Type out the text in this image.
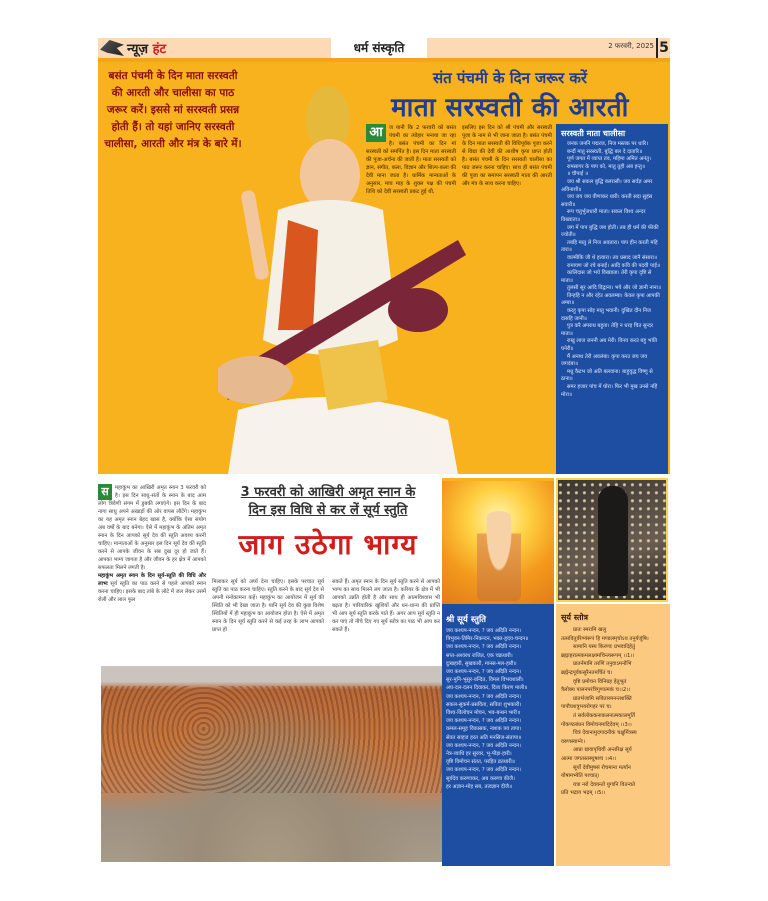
न्यूज़ हंट	धर्म संस्कृति	2 फरवरी, 2025 5
बसंत पंचमी के दिन माता सरस्वती की आरती और चालीसा का पाठ जरूर करें। इससे मां सरस्वती प्रसन्न होती हैं। तो यहां जानिए सरस्वती चालीसा, आरती और मंत्र के बारे में।
संत पंचमी के दिन जरूर करें
माता सरस्वती की आरती
आ	ज यानी कि 2 फरवरी को बसंत पंचमी का त्योहार मनाया जा रहा है। बसंत पंचमी का दिन मां सरस्वती को समर्पित है। इस दिन माता सरस्वती की पूजा-अर्चना की जाती है। माता सरस्वती को ज्ञान, संगीत, कला, विज्ञान और शिल्प-कला की देवी माना जाता है। धार्मिक मान्यताओं के अनुसार, माघ माह के शुक्ल पक्ष की पंचमी तिथि को देवी सरस्वती प्रकट हुई थी,
इसलिए इस दिन को श्री पंचमी और सरस्वती पूजा के नाम से भी जाना जाता है। बसंत पंचमी के दिन माता सरस्वती की विधिपूर्वक पूजा करने से विद्या की देवी की आशीष कृपा प्राप्त होती है। बसंत पंचमी के दिन सरस्वती चालीसा का पाठ जरूर करना चाहिए। साथ ही बसंत पंचमी की पूजा का समापन सरस्वती माता की आरती और मंत्र के साथ करना चाहिए।
सरस्वती माता चालीसा

जनक जननि पद्मरज, निज मस्तक पर धारि।

बन्दौं मातु सरस्वती, बुद्धि बल दे दातारि॥

पूर्ण जगत में व्याप्त तव, महिमा अमित अनंतु।

रामसागर के पाप को, मातु तुही अब हन्तु॥

॥ चौपाई ॥

जय श्री सकल बुद्धि बलरासी। जय सर्वज्ञ अमर अविनाशी॥

जय जय जय वीणाकर धारी। करती सदा सुहंस सवारी॥

रूप चतुर्भुजधारी माता। सकल विश्व अन्दर विख्याता॥

जग में पाप बुद्धि जब होती। तब ही धर्म की फीकी ज्योती॥

तबहि मातु ले निज अवतारा। पाप हीन करती महि तारा॥

वाल्मीकि जी थे हत्यारा। तव प्रसाद जानै संसारा॥

रामायण जो रचे बनाई। आदि कवि की पदवी पाई॥

कालिदास जो भये विख्याता। तेरी कृपा दृष्टि से माता॥

तुलसी सूर आदि विद्वाना। भये और जो ज्ञानी नाना॥

तिन्हहि न और रहेउ अवलम्बा। केवल कृपा आपकी अम्बा॥

करहु कृपा सोइ मातु भवानी। दुखित दीन निज दासहि जानी॥

पुत्र करै अपराध बहूता। तेहि न धरइ चित सुन्दर माता॥

राखु लाज जननी अब मेरी। विनय करउं बहु भांति घनेरी॥

मैं अनाथ तेरी अवलंबा। कृपा करउ जय जय जगदंबा॥

मधु कैटभ जो अति बलवाना। बाहुयुद्ध विष्णु से ठाना॥

समर हजार पांच में घोरा। फिर भी मुख उनसे नहिं मोरा॥

स	महाकुंभ का आखिरी अमृत स्नान 3 फरवरी को है। इस दिन साधु-संतों के स्नान के बाद आम लोग त्रिवेणी संगम में डुबकी लगाएंगे। इस दिन के बाद नागा साधु अपने अखाड़ों की ओर वापस लौटेंगे। महाकुंभ का यह अमृत स्नान बेहद खास है, क्योंकि ऐसा संयोग अब वर्षों के बाद बनेगा। ऐसे में महाकुंभ के अंतिम अमृत स्नान के दिन आपको सूर्य देव की स्तुति अवश्य करनी चाहिए। मान्यताओं के अनुसार इस दिन सूर्य देव की स्तुति करने से आपके जीवन के सब दुख दूर हो जाते हैं। आपका भाग्य जागता है और जीवन के हर क्षेत्र में आपको सफलता मिलने लगती है।
महाकुंभ अमृत स्नान के दिन सूर्य-स्तुति की विधि और लाभः सूर्य स्तुति का पाठ करने से पहले आपको स्नान करना चाहिए। इसके बाद तांबे के लोटे में जल लेकर उसमें रोली और लाल फूल
3 फरवरी को आखिरी अमृत स्नान के
दिन इस विधि से कर लें सूर्य स्तुति
जाग उठेगा भाग्य
मिलाकर सूर्य को अर्घ्य देना चाहिए। इसके पश्चात सूर्य स्तुति का पाठ करना चाहिए। स्तुति करने के बाद सूर्य देव से अपनी मनोकामना कहें। महाकुंभ का आयोजन में सूर्य की स्थिति को भी देखा जाता है। यानि सूर्य देव की कुछ विशेष स्थितियों में ही महाकुंभ का आयोजन होता है। ऐसे में अमृत स्नान के दिन सूर्य स्तुति करने से कई तरह के लाभ आपको प्राप्त हो
सकते हैं। अमृत स्नान के दिन सूर्य स्तुति करने से आपको भाग्य का साथ मिलने लग जाता है। करियर के क्षेत्र में भी आपको उन्नति होती है और साथ ही आत्मविश्वास भी बढ़ता है। पारिवारिक खुशियों और धन-धान्य की प्राप्ति भी आप सूर्य स्तुति करके पाते हैं। अगर आप सूर्य स्तुति न कर पाएं तो नीचे दिए गए सूर्य स्तोत्र का पाठ भी आप कर सकते हैं।
श्री सूर्य स्तुति

जय कश्यप-नन्दन, ? जय अदिति नन्दन।

त्रिभुवन-तिमिर-निकन्दन, भक्त-हृदय-चन्दन॥

जय कश्यप-नन्दन, ? जय अदिति नन्दन।

सप्त-अश्वरथ राजित, एक चक्रधारी।

दुःखहारी, सुखकारी, मानस-मल-हारी॥

जय कश्यप-नन्दन, ? जय अदिति नन्दन।

सुर-मुनि-भूसुर-वन्दित, विमल विभवशाली।

अघ-दल-दलन दिवाकर, दिव्य किरण माली॥

जय कश्यप-नन्दन, ? जय अदिति नन्दन।

सकल-सुकर्म-प्रसविता, सविता शुभकारी।

विश्व-विलोचन मोचन, भव-बन्धन भारी॥

जय कश्यप-नन्दन, ? जय अदिति नन्दन।

कमल-समूह विकासक, नाशक त्रय तापा।

सेवत साहज हरत अति मनसिज-संतापा॥

जय कश्यप-नन्दन, ? जय अदिति नन्दन।

नेत्र-व्याधि हर सुरवर, भू-पीड़ा-हारी।

वृष्टि विमोचन संतत, परहित व्रतधारी॥

जय कश्यप-नन्दन, ? जय अदिति नन्दन।

सूर्यदेव करुणाकर, अब करुणा कीजै।

हर अज्ञान-मोह सब, तत्वज्ञान दीजै॥

सूर्य स्तोत्र

प्रातः स्मरामि खलु

तत्सवितुर्वरेण्यंरूपं हि मण्डलमृचोऽथ तनुर्यजूंषि।

सामानि यस्य किरणाः प्रभवादिहेतुं

ब्रह्माहरात्मकमलक्ष्यमचिन्त्यरूपम् ।।1।।

प्रातर्नमामि तरणिं तनुवाऽमनोभि

ब्रह्मेन्द्रपूर्वकसुरैनतमर्चितं च।

वृष्टि प्रमोचन विनिग्रह हेतुभूतं

त्रैलोक्य पालनपरंत्रिगुणात्मकं च।।2।।

प्रातर्भजामि सवितारमनन्तशक्तिं

पापौघशत्रुभयरोगहरं परं च।

तं सर्वलोककनाकलनात्मकालमूर्तिं

गोकण्ठबंधन विमोचनमादिदेवम् ।।3।।

चित्रं देवानामुदगादनीकं चक्षुर्मित्रस्य

वरुणस्याग्नेः।

आप्रा द्यावापृथिवी अन्तरिक्षं सूर्य

आत्मा जगतस्तस्थुषश्च ।।4।।

सूर्यो देवीमुषसं रोचमाना मर्त्यान

योषामभ्येति पश्चात्।

यत्रा नरो देवयन्तो युगानि वितन्वते

प्रति भद्राय भद्रम् ।।5।।
